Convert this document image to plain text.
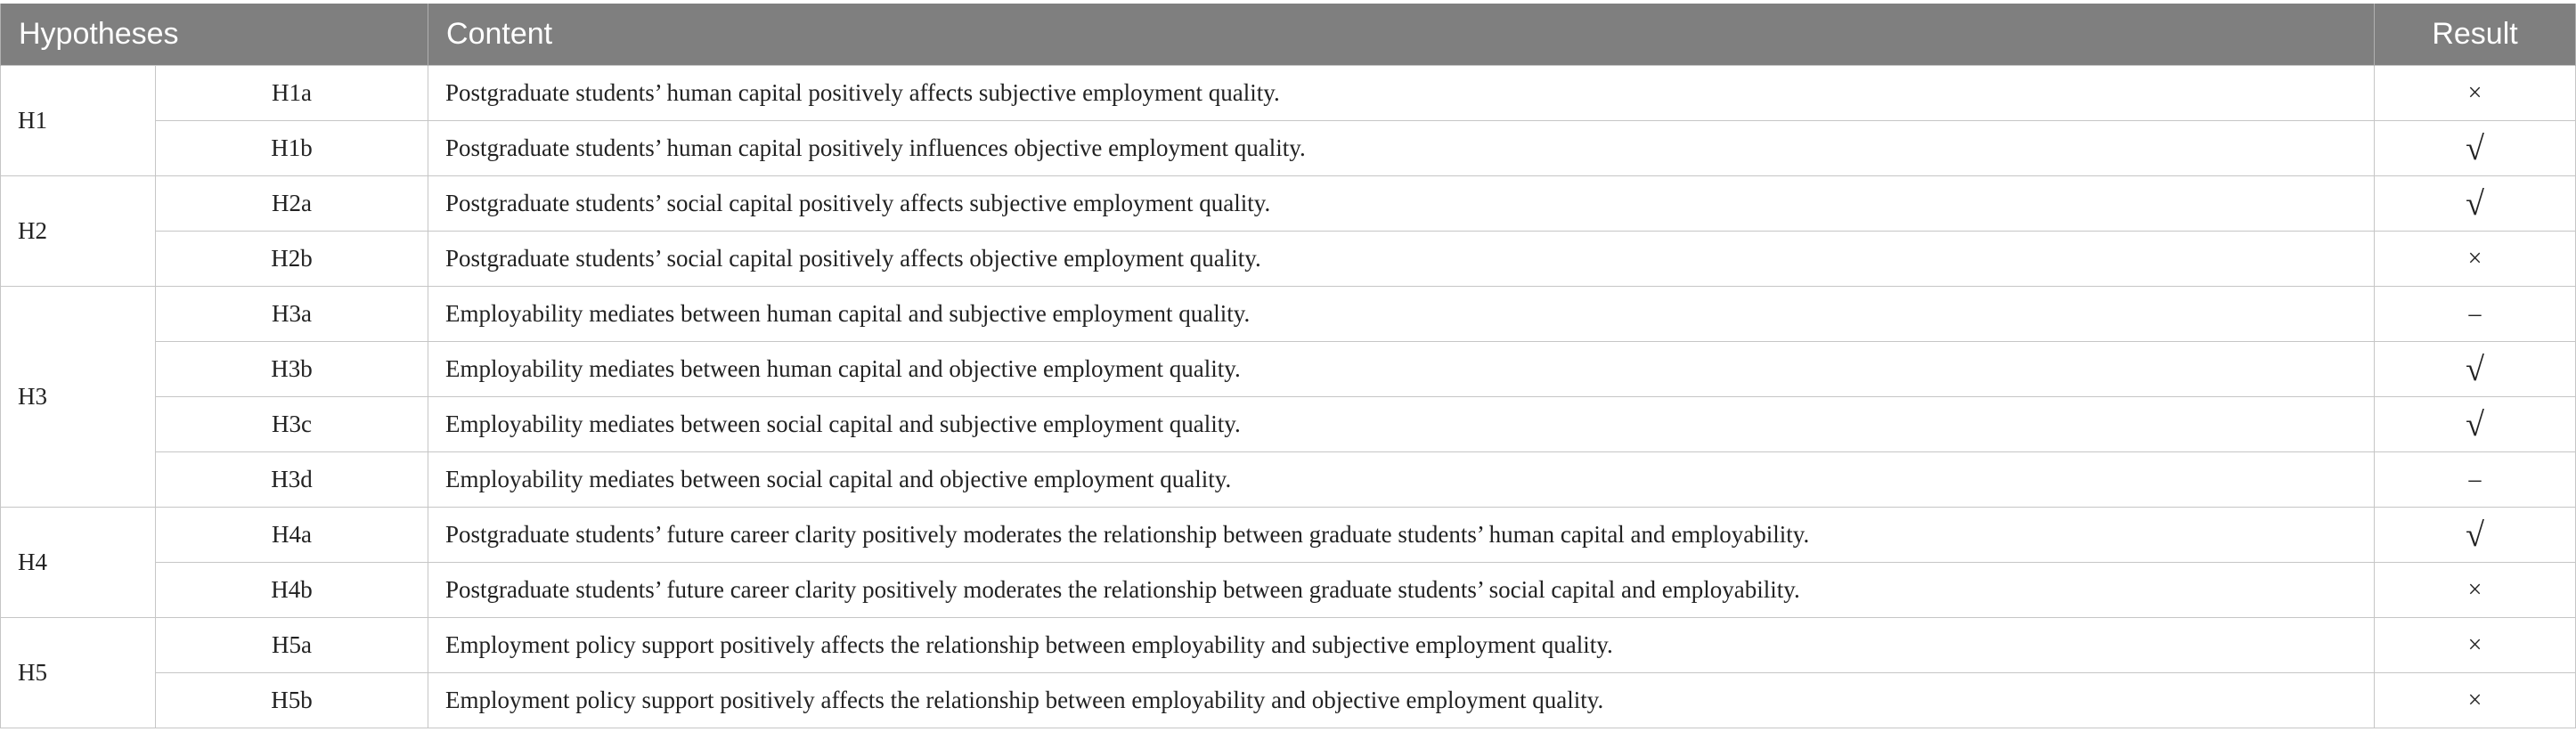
Hypotheses		Content	Result
H1	H1a	Postgraduate students’ human capital positively affects subjective employment quality.	×
	H1b	Postgraduate students’ human capital positively influences objective employment quality.	√
H2	H2a	Postgraduate students’ social capital positively affects subjective employment quality.	√
	H2b	Postgraduate students’ social capital positively affects objective employment quality.	×
H3	H3a	Employability mediates between human capital and subjective employment quality.	–
	H3b	Employability mediates between human capital and objective employment quality.	√
	H3c	Employability mediates between social capital and subjective employment quality.	√
	H3d	Employability mediates between social capital and objective employment quality.	–
H4	H4a	Postgraduate students’ future career clarity positively moderates the relationship between graduate students’ human capital and employability.	√
	H4b	Postgraduate students’ future career clarity positively moderates the relationship between graduate students’ social capital and employability.	×
H5	H5a	Employment policy support positively affects the relationship between employability and subjective employment quality.	×
	H5b	Employment policy support positively affects the relationship between employability and objective employment quality.	×
